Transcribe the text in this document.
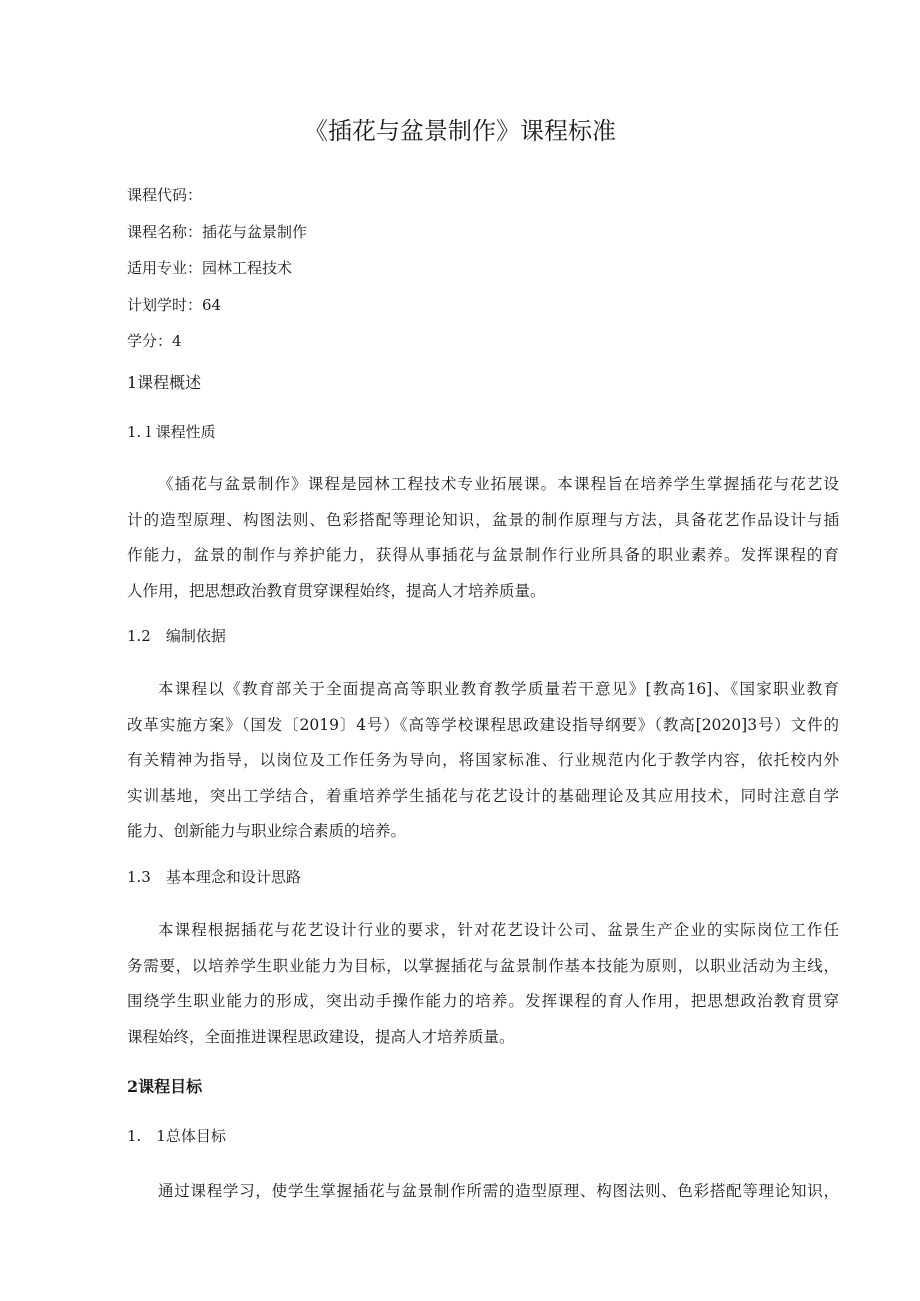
《插花与盆景制作》课程标准
课程代码：
课程名称：插花与盆景制作
适用专业：园林工程技术
计划学时：64
学分：4
1课程概述
1. l 课程性质
《插花与盆景制作》课程是园林工程技术专业拓展课。本课程旨在培养学生掌握插花与花艺设
计的造型原理、构图法则、色彩搭配等理论知识，盆景的制作原理与方法，具备花艺作品设计与插
作能力，盆景的制作与养护能力，获得从事插花与盆景制作行业所具备的职业素养。发挥课程的育
人作用，把思想政治教育贯穿课程始终，提高人才培养质量。
1.2　编制依据
本课程以《教育部关于全面提高高等职业教育教学质量若干意见》[教高16]、《国家职业教育
改革实施方案》（国发〔2019〕4号）《高等学校课程思政建设指导纲要》（教高[2020]3号）文件的
有关精神为指导，以岗位及工作任务为导向，将国家标准、行业规范内化于教学内容，依托校内外
实训基地，突出工学结合，着重培养学生插花与花艺设计的基础理论及其应用技术，同时注意自学
能力、创新能力与职业综合素质的培养。
1.3　基本理念和设计思路
本课程根据插花与花艺设计行业的要求，针对花艺设计公司、盆景生产企业的实际岗位工作任
务需要，以培养学生职业能力为目标，以掌握插花与盆景制作基本技能为原则，以职业活动为主线，
围绕学生职业能力的形成，突出动手操作能力的培养。发挥课程的育人作用，把思想政治教育贯穿
课程始终，全面推进课程思政建设，提高人才培养质量。
2课程目标
1.　1总体目标
通过课程学习，使学生掌握插花与盆景制作所需的造型原理、构图法则、色彩搭配等理论知识，
